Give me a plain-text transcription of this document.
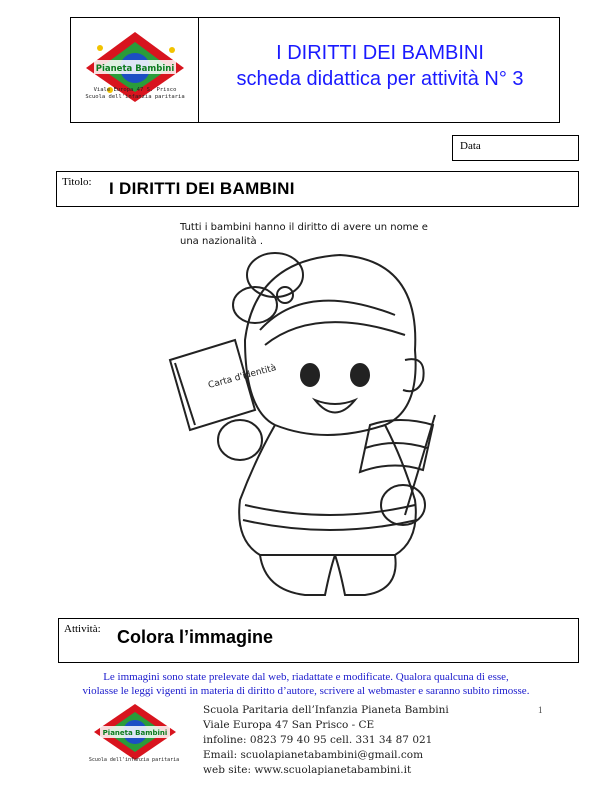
Pianeta Bambini
Viale Europa 47 S. Prisco
Scuola dell'infanzia paritaria
I DIRITTI DEI BAMBINI
scheda didattica per attività N° 3
Data
Titolo: I DIRITTI DEI BAMBINI
Carta d'identità
Tutti i bambini hanno il diritto di avere un nome e
una nazionalità .
Attività: Colora l’immagine
Le immagini sono state prelevate dal web, riadattate e modificate. Qualora qualcuna di esse,
violasse le leggi vigenti in materia di diritto d’autore, scrivere al webmaster e saranno subito rimosse.
Pianeta Bambini
Scuola dell'infanzia paritaria
Scuola Paritaria dell’Infanzia Pianeta Bambini
Viale Europa 47 San Prisco - CE
infoline: 0823 79 40 95 cell. 331 34 87 021
Email: scuolapianetabambini@gmail.com
web site: www.scuolapianetabambini.it
1
